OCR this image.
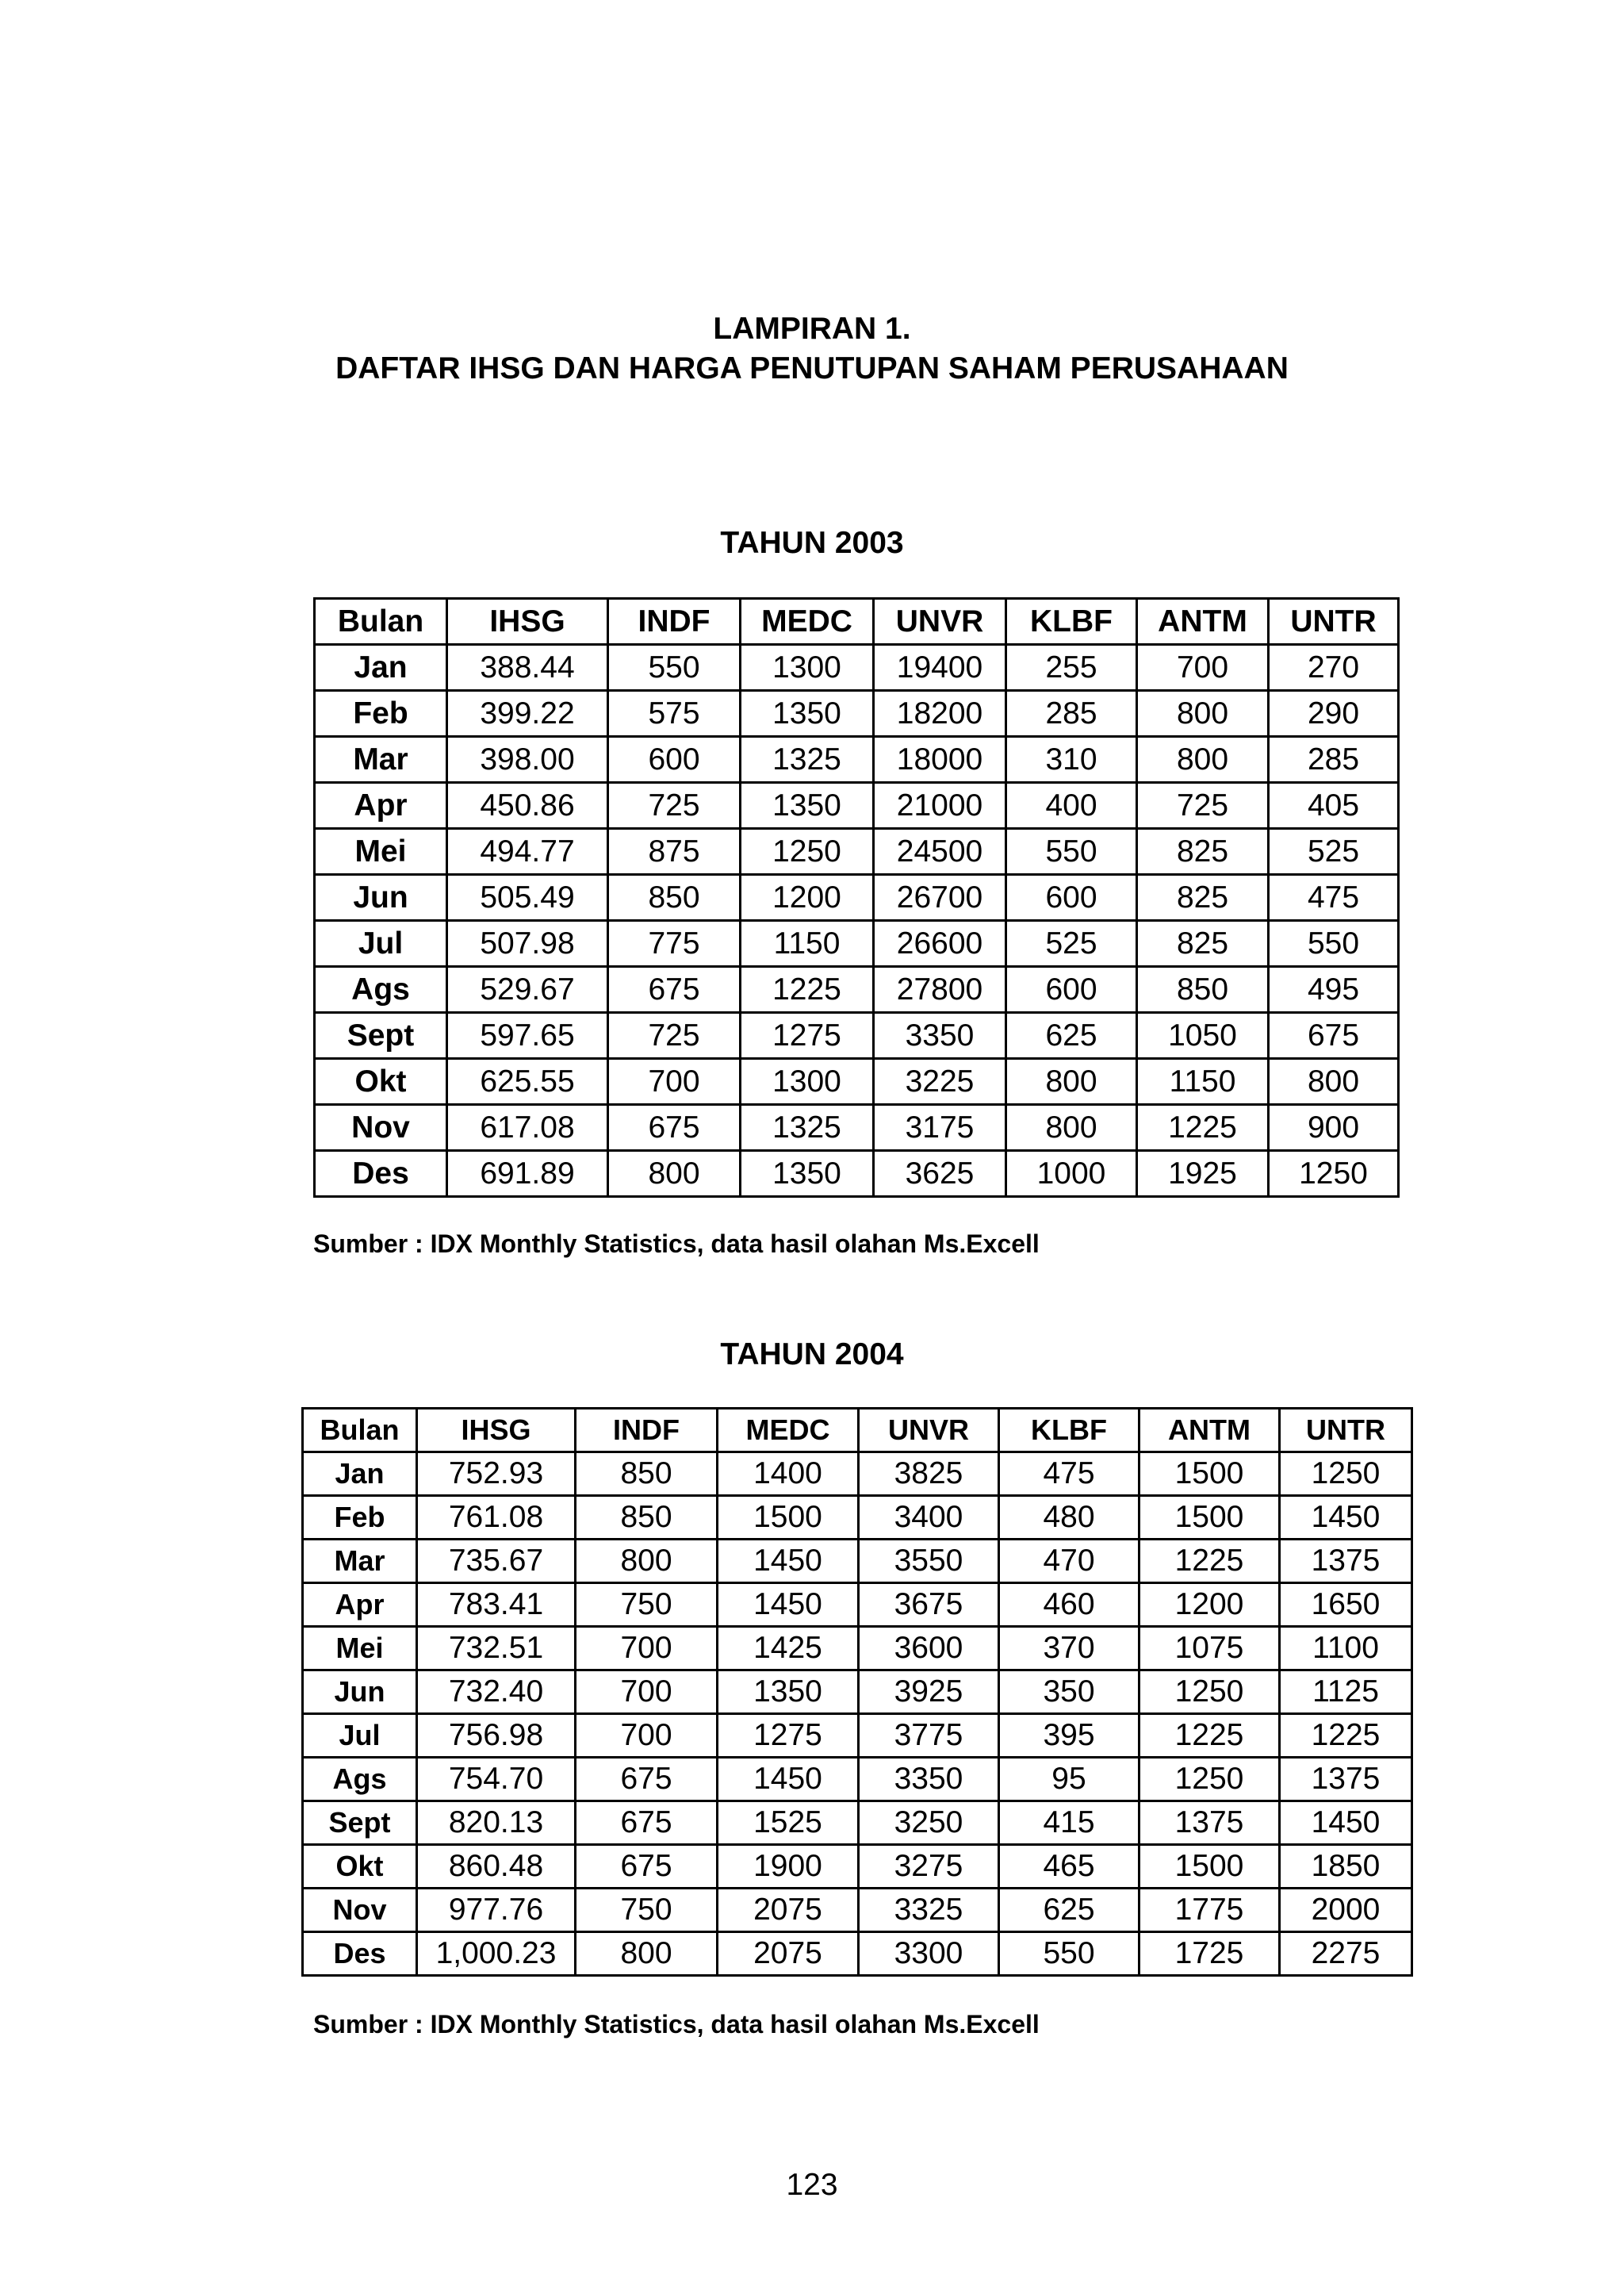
LAMPIRAN 1.
DAFTAR IHSG DAN HARGA PENUTUPAN SAHAM PERUSAHAAN
TAHUN 2003
Bulan	IHSG	INDF	MEDC	UNVR	KLBF	ANTM	UNTR
Jan	388.44	550	1300	19400	255	700	270
Feb	399.22	575	1350	18200	285	800	290
Mar	398.00	600	1325	18000	310	800	285
Apr	450.86	725	1350	21000	400	725	405
Mei	494.77	875	1250	24500	550	825	525
Jun	505.49	850	1200	26700	600	825	475
Jul	507.98	775	1150	26600	525	825	550
Ags	529.67	675	1225	27800	600	850	495
Sept	597.65	725	1275	3350	625	1050	675
Okt	625.55	700	1300	3225	800	1150	800
Nov	617.08	675	1325	3175	800	1225	900
Des	691.89	800	1350	3625	1000	1925	1250
Sumber : IDX Monthly Statistics, data hasil olahan Ms.Excell
TAHUN 2004
Bulan	IHSG	INDF	MEDC	UNVR	KLBF	ANTM	UNTR
Jan	752.93	850	1400	3825	475	1500	1250
Feb	761.08	850	1500	3400	480	1500	1450
Mar	735.67	800	1450	3550	470	1225	1375
Apr	783.41	750	1450	3675	460	1200	1650
Mei	732.51	700	1425	3600	370	1075	1100
Jun	732.40	700	1350	3925	350	1250	1125
Jul	756.98	700	1275	3775	395	1225	1225
Ags	754.70	675	1450	3350	95	1250	1375
Sept	820.13	675	1525	3250	415	1375	1450
Okt	860.48	675	1900	3275	465	1500	1850
Nov	977.76	750	2075	3325	625	1775	2000
Des	1,000.23	800	2075	3300	550	1725	2275
Sumber : IDX Monthly Statistics, data hasil olahan Ms.Excell
123
